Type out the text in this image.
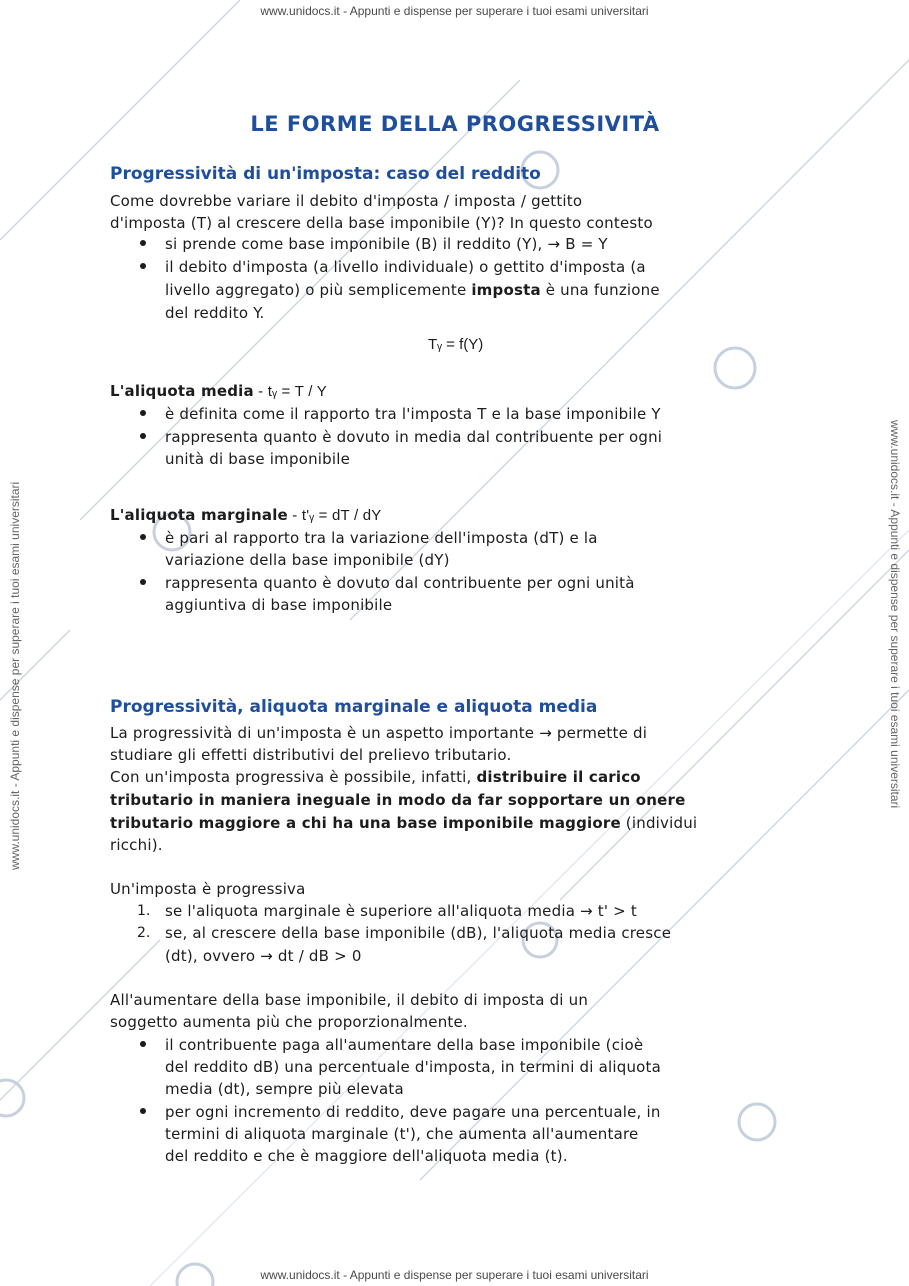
www.unidocs.it - Appunti e dispense per superare i tuoi esami universitari
www.unidocs.it - Appunti e dispense per superare i tuoi esami universitari
www.unidocs.it - Appunti e dispense per superare i tuoi esami universitari	www.unidocs.it - Appunti e dispense per superare i tuoi esami universitari
LE FORME DELLA PROGRESSIVITÀ
Progressività di un'imposta: caso del reddito
Come dovrebbe variare il debito d'imposta / imposta / gettito
d'imposta (T) al crescere della base imponibile (Y)? In questo contesto
si prende come base imponibile (B) il reddito (Y), → B = Y
il debito d'imposta (a livello individuale) o gettito d'imposta (a
livello aggregato) o più semplicemente imposta è una funzione
del reddito Y.
Tᵧ = f(Y)
L'aliquota media - tᵧ = T / Y
è definita come il rapporto tra l'imposta T e la base imponibile Y
rappresenta quanto è dovuto in media dal contribuente per ogni
unità di base imponibile
L'aliquota marginale - t'ᵧ = dT / dY
è pari al rapporto tra la variazione dell'imposta (dT) e la
variazione della base imponibile (dY)
rappresenta quanto è dovuto dal contribuente per ogni unità
aggiuntiva di base imponibile
Progressività, aliquota marginale e aliquota media
La progressività di un'imposta è un aspetto importante → permette di
studiare gli effetti distributivi del prelievo tributario.
Con un'imposta progressiva è possibile, infatti, distribuire il carico
tributario in maniera ineguale in modo da far sopportare un onere
tributario maggiore a chi ha una base imponibile maggiore (individui
ricchi).
Un'imposta è progressiva
1. se l'aliquota marginale è superiore all'aliquota media → t' > t
2. se, al crescere della base imponibile (dB), l'aliquota media cresce
(dt), ovvero → dt / dB > 0
All'aumentare della base imponibile, il debito di imposta di un
soggetto aumenta più che proporzionalmente.
il contribuente paga all'aumentare della base imponibile (cioè
del reddito dB) una percentuale d'imposta, in termini di aliquota
media (dt), sempre più elevata
per ogni incremento di reddito, deve pagare una percentuale, in
termini di aliquota marginale (t'), che aumenta all'aumentare
del reddito e che è maggiore dell'aliquota media (t).
